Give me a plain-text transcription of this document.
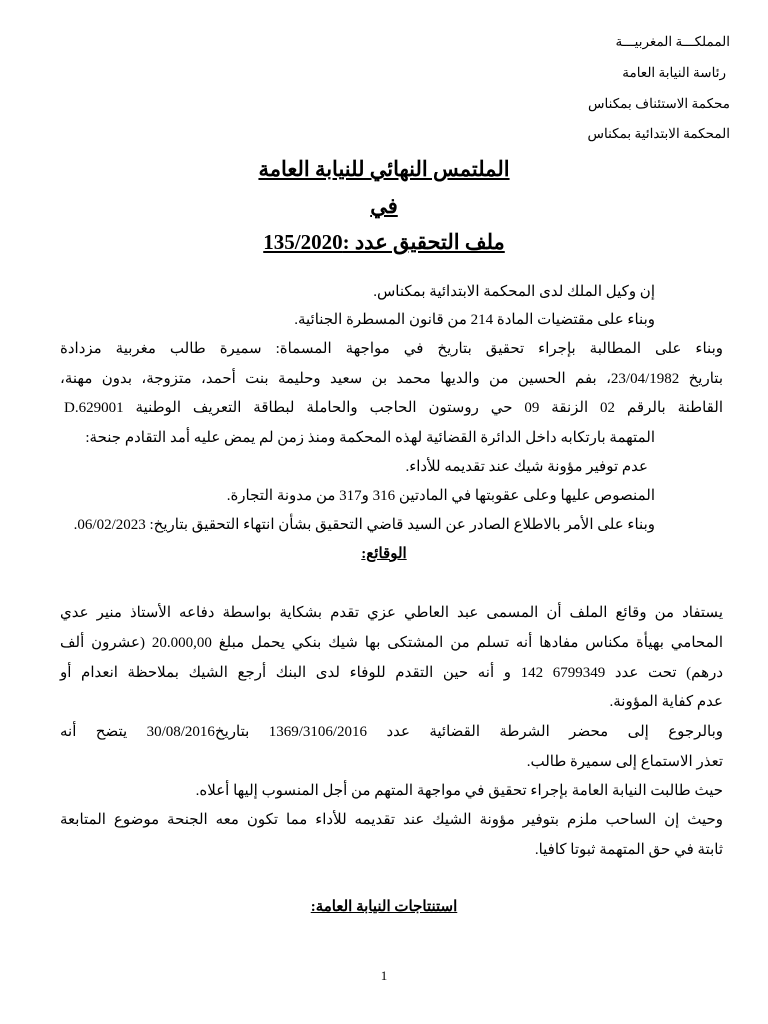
المملكـــة المغربيـــة
رئاسة النيابة العامة
محكمة الاستئناف بمكناس
المحكمة الابتدائية بمكناس
الملتمس النهائي للنيابة العامة
في
ملف التحقيق عدد :135/2020
إن وكيل الملك لدى المحكمة الابتدائية بمكناس.
وبناء على مقتضيات المادة 214 من قانون المسطرة الجنائية.
وبناء على المطالبة بإجراء تحقيق بتاريخ في مواجهة المسماة: سميرة طالب مغربية مزدادة
بتاريخ 23/04/1982، بفم الحسين من والديها محمد بن سعيد وحليمة بنت أحمد، متزوجة، بدون مهنة،
القاطنة بالرقم 02 الزنقة 09 حي روستون الحاجب والحاملة لبطاقة التعريف الوطنية D.629001
المتهمة بارتكابه داخل الدائرة القضائية لهذه المحكمة ومنذ زمن لم يمض عليه أمد التقادم جنحة:
عدم توفير مؤونة شيك عند تقديمه للأداء.
المنصوص عليها وعلى عقوبتها في المادتين 316 و317 من مدونة التجارة.
وبناء على الأمر بالاطلاع الصادر عن السيد قاضي التحقيق بشأن انتهاء التحقيق بتاريخ: 06/02/2023.
الوقائع:
يستفاد من وقائع الملف أن المسمى عبد العاطي عزي تقدم بشكاية بواسطة دفاعه الأستاذ منير عدي
المحامي بهيأة مكناس مفادها أنه تسلم من المشتكى بها شيك بنكي يحمل مبلغ 20.000,00 (عشرون ألف
درهم) تحت عدد 6799349 142 و أنه حين التقدم للوفاء لدى البنك أرجع الشيك بملاحظة انعدام أو
عدم كفاية المؤونة.
وبالرجوع إلى محضر الشرطة القضائية عدد 1369/3106/2016 بتاريخ30/08/2016 يتضح أنه
تعذر الاستماع إلى سميرة طالب.
حيث طالبت النيابة العامة بإجراء تحقيق في مواجهة المتهم من أجل المنسوب إليها أعلاه.
وحيث إن الساحب ملزم بتوفير مؤونة الشيك عند تقديمه للأداء مما تكون معه الجنحة موضوع المتابعة
ثابتة في حق المتهمة ثبوتا كافيا.
استنتاجات النيابة العامة:
1
